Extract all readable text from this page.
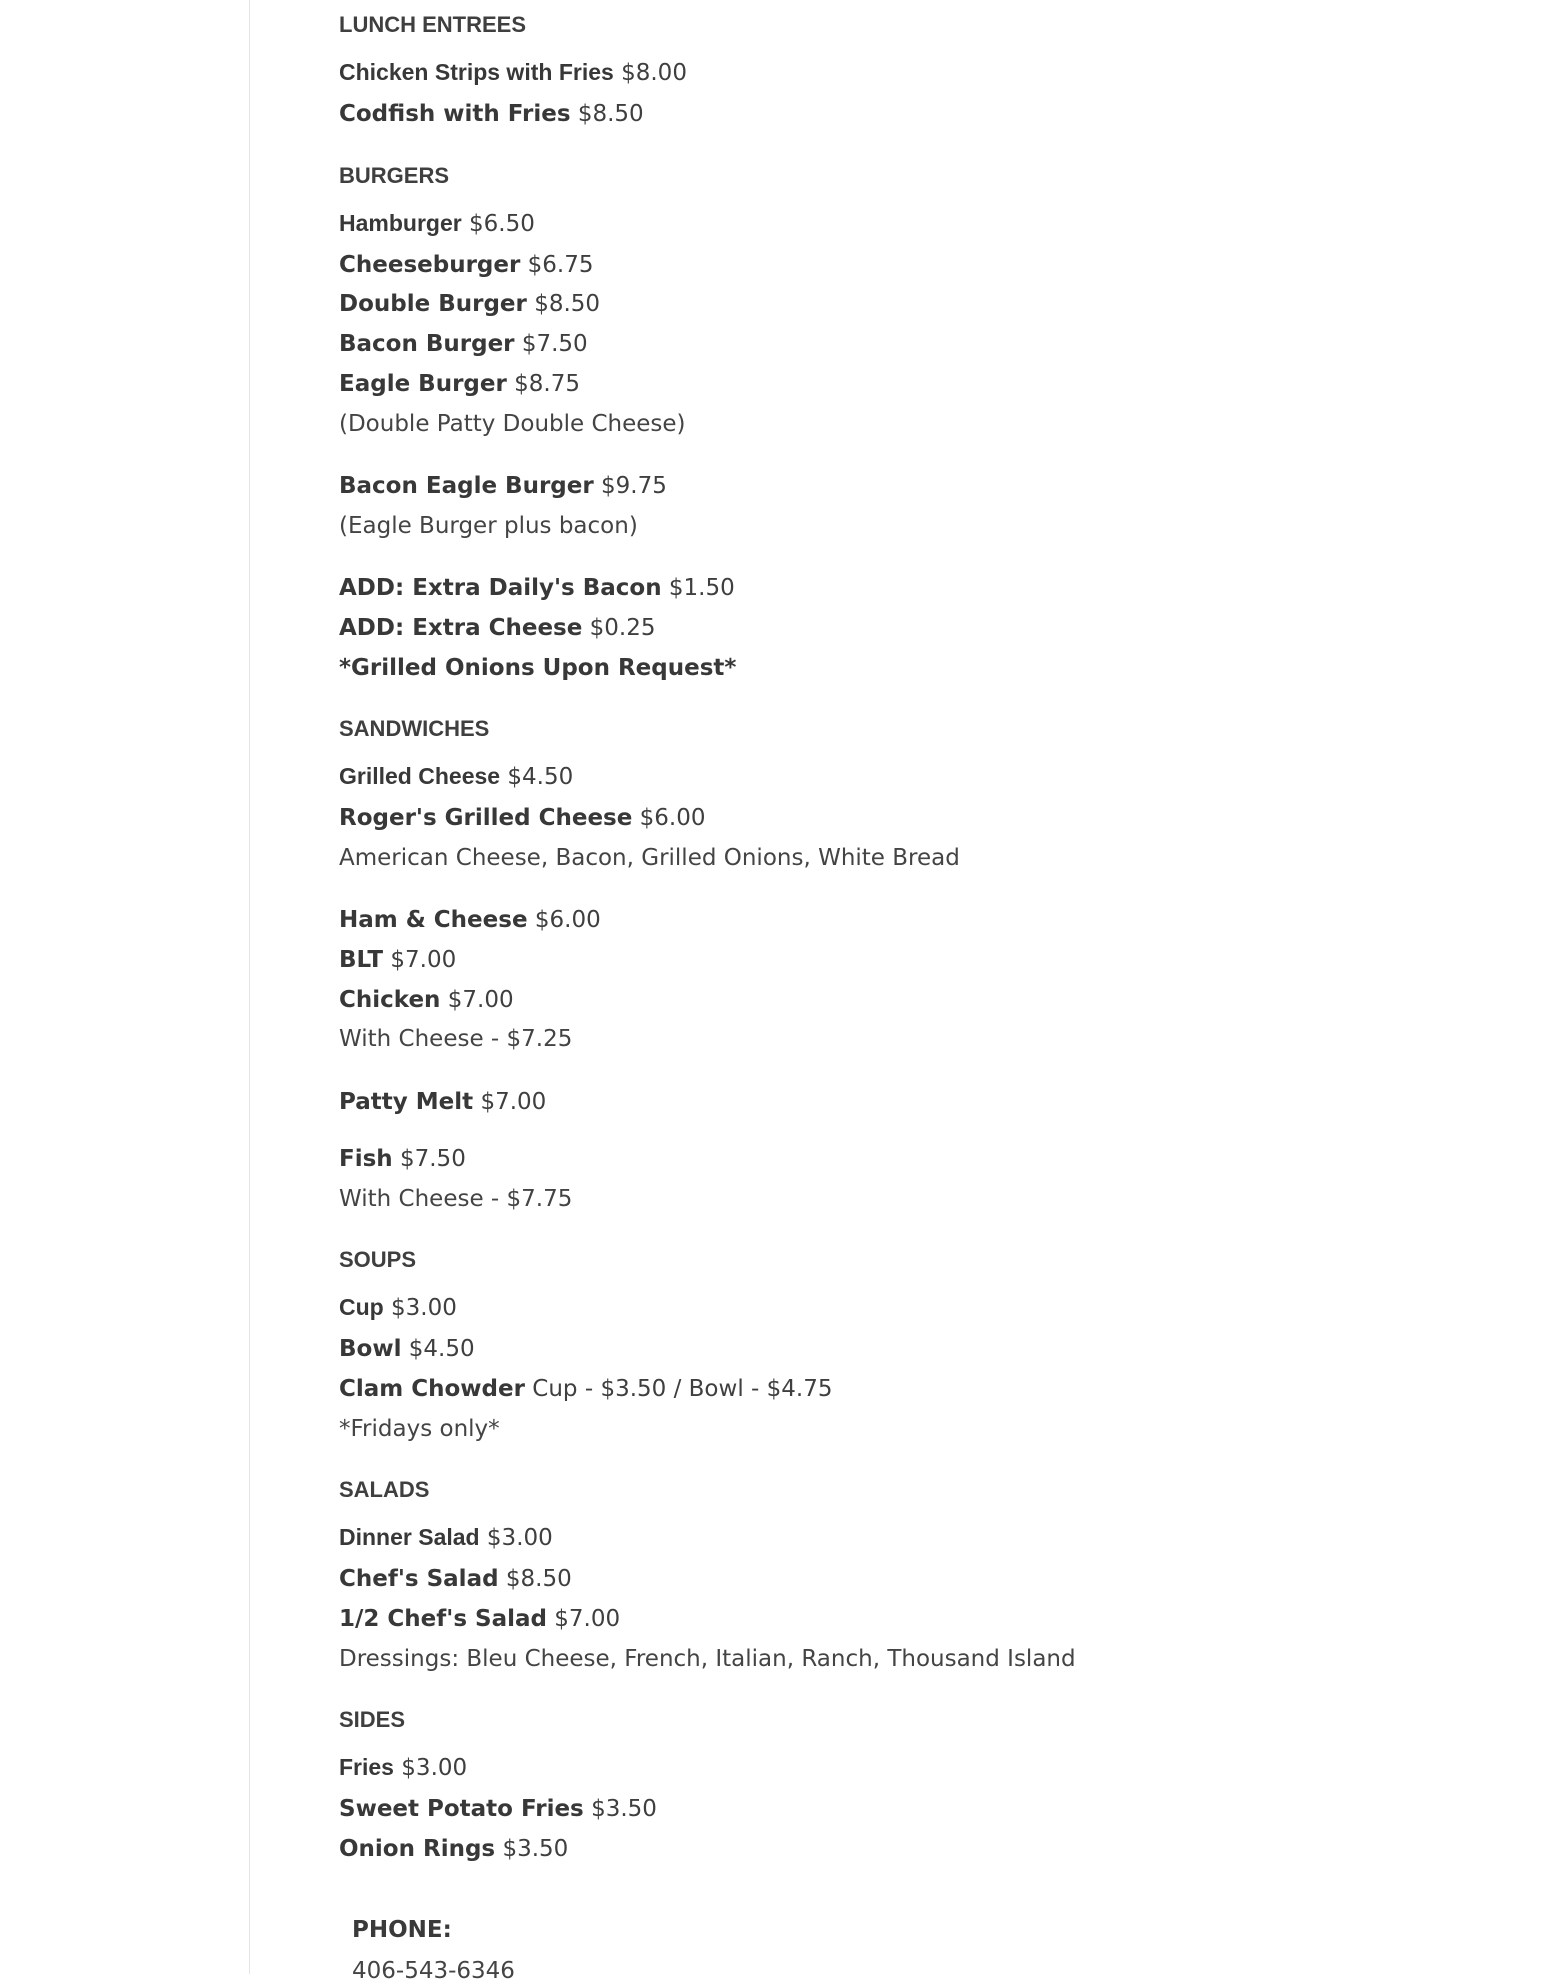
LUNCH ENTREES

Chicken Strips with Fries $8.00

Codfish with Fries $8.50

BURGERS

Hamburger $6.50

Cheeseburger $6.75

Double Burger $8.50

Bacon Burger $7.50

Eagle Burger $8.75

(Double Patty Double Cheese)

Bacon Eagle Burger $9.75

(Eagle Burger plus bacon)

ADD: Extra Daily's Bacon $1.50

ADD: Extra Cheese $0.25

*Grilled Onions Upon Request*

SANDWICHES

Grilled Cheese $4.50

Roger's Grilled Cheese $6.00

American Cheese, Bacon, Grilled Onions, White Bread

Ham & Cheese $6.00

BLT $7.00

Chicken $7.00

With Cheese - $7.25

Patty Melt $7.00

Fish $7.50

With Cheese - $7.75

SOUPS

Cup $3.00

Bowl $4.50

Clam Chowder Cup - $3.50 / Bowl - $4.75

*Fridays only*

SALADS

Dinner Salad $3.00

Chef's Salad $8.50

1/2 Chef's Salad $7.00

Dressings: Bleu Cheese, French, Italian, Ranch, Thousand Island

SIDES

Fries $3.00

Sweet Potato Fries $3.50

Onion Rings $3.50

PHONE:

406-543-6346
